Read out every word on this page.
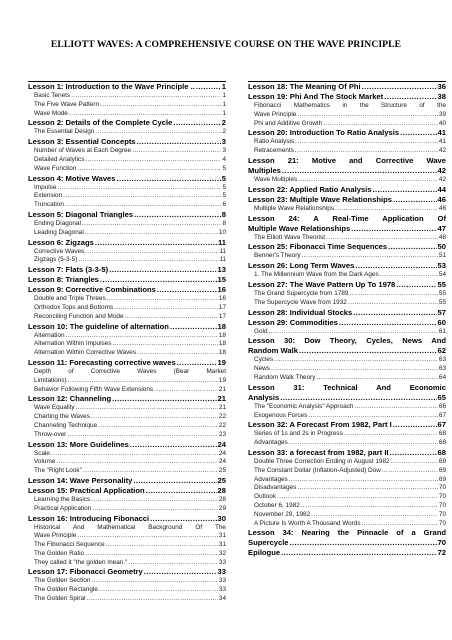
ELLIOTT WAVES: A COMPREHENSIVE COURSE ON THE WAVE PRINCIPLE
Lesson 1: Introduction to the Wave Principle .. .....	1
Basic Tenets .....	1
The Five Wave Pattern .....	1
Wave Mode .....	1
Lesson 2: Details of the Complete Cycle .....	2
The Essential Design .....	2
Lesson 3: Essential Concepts .....	3
Number of Waves at Each Degree .....	3
Detailed Analytics .....	4
Wave Function .....	5
Lesson 4: Motive Waves .....	5
Impulse .....	5
Extension .....	5
Truncation .....	6
Lesson 5: Diagonal Triangles .....	8
Ending Diagonal .....	8
Leading Diagonal .....	10
Lesson 6: Zigzags .....	11
Corrective Waves .....	11
Zigzags (5-3-5) .....	11
Lesson 7: Flats (3-3-5) .....	13
Lesson 8: Triangles .....	15
Lesson 9: Corrective Combinations .....	16
Double and Triple Threes .....	16
Orthodox Tops and Bottoms .....	17
Reconciling Function and Mode .....	17
Lesson 10: The guideline of alternation .....	18
Alternation .....	18
Alternation Within Impulses .....	18
Alternation Within Corrective Waves .....	18
Lesson 11: Forecasting corrective waves .....	19
Depth of Corrective Waves (Bear Market
Limitations) .....	19
Behavior Following Fifth Wave Extensions .....	21
Lesson 12: Channeling .....	21
Wave Equality .....	21
Charting the Waves .....	22
Channeling Technique .....	22
Throw-over .....	23
Lesson 13: More Guidelines .....	24
Scale .....	24
Volume .....	24
The "Right Look" .....	25
Lesson 14: Wave Personality .....	25
Lesson 15: Practical Application .....	28
Learning the Basics .....	28
Practical Application .....	29
Lesson 16: Introducing Fibonacci .....	30
Historical And Mathematical Background Of The
Wave Principle .....	31
The Fibonacci Sequence .....	31
The Golden Ratio .....	32
They called it "the golden mean." .....	33
Lesson 17: Fibonacci Geometry .....	33
The Golden Section .....	33
The Golden Rectangle .....	33
The Golden Spiral .....	34
Lesson 18: The Meaning Of Phi .....	36
Lesson 19: Phi And The Stock Market .....	38
Fibonacci Mathematics in the Structure of the
Wave Principle .....	39
Phi and Additive Growth .....	40
Lesson 20: Introduction To Ratio Analysis .....	41
Ratio Analysis .....	41
Retracements .....	42
Lesson 21: Motive and Corrective Wave
Multiples .....	42
Wave Multiples .....	42
Lesson 22: Applied Ratio Analysis .....	44
Lesson 23: Multiple Wave Relationships .....	46
Multiple Wave Relationships .....	46
Lesson 24: A Real-Time Application Of
Multiple Wave Relationships .....	47
The Elliott Wave Theorist .....	48
Lesson 25: Fibonacci Time Sequences .....	50
Benner's Theory .....	51
Lesson 26: Long Term Waves .....	53
1. The Millennium Wave from the Dark Ages .....	54
Lesson 27: The Wave Pattern Up To 1978 .....	55
The Grand Supercycle from 1789 .....	55
The Supercycle Wave from 1932 .....	55
Lesson 28: Individual Stocks .....	57
Lesson 29: Commodities .....	60
Gold .....	61
Lesson 30: Dow Theory, Cycles, News And
Random Walk .....	62
Cycles .....	63
News .....	63
Random Walk Theory .....	64
Lesson 31: Technical And Economic
Analysis .....	65
The "Economic Analysis" Approach .....	66
Exogenous Forces .....	67
Lesson 32: A Forecast From 1982, Part I .....	67
Series of 1s and 2s in Progress .....	68
Advantages .....	68
Lesson 33: a forecast from 1982, part II .....	68
Double Three Correction Ending in August 1982 .....	69
The Constant Dollar (Inflation-Adjusted) Dow .....	69
Advantages .....	69
Disadvantages .....	70
Outlook .....	70
October 6, 1982 .....	70
November 29, 1982 .....	70
A Picture Is Worth A Thousand Words .....	70
Lesson 34: Nearing the Pinnacle of a Grand
Supercycle .....	70
Epilogue .....	72
